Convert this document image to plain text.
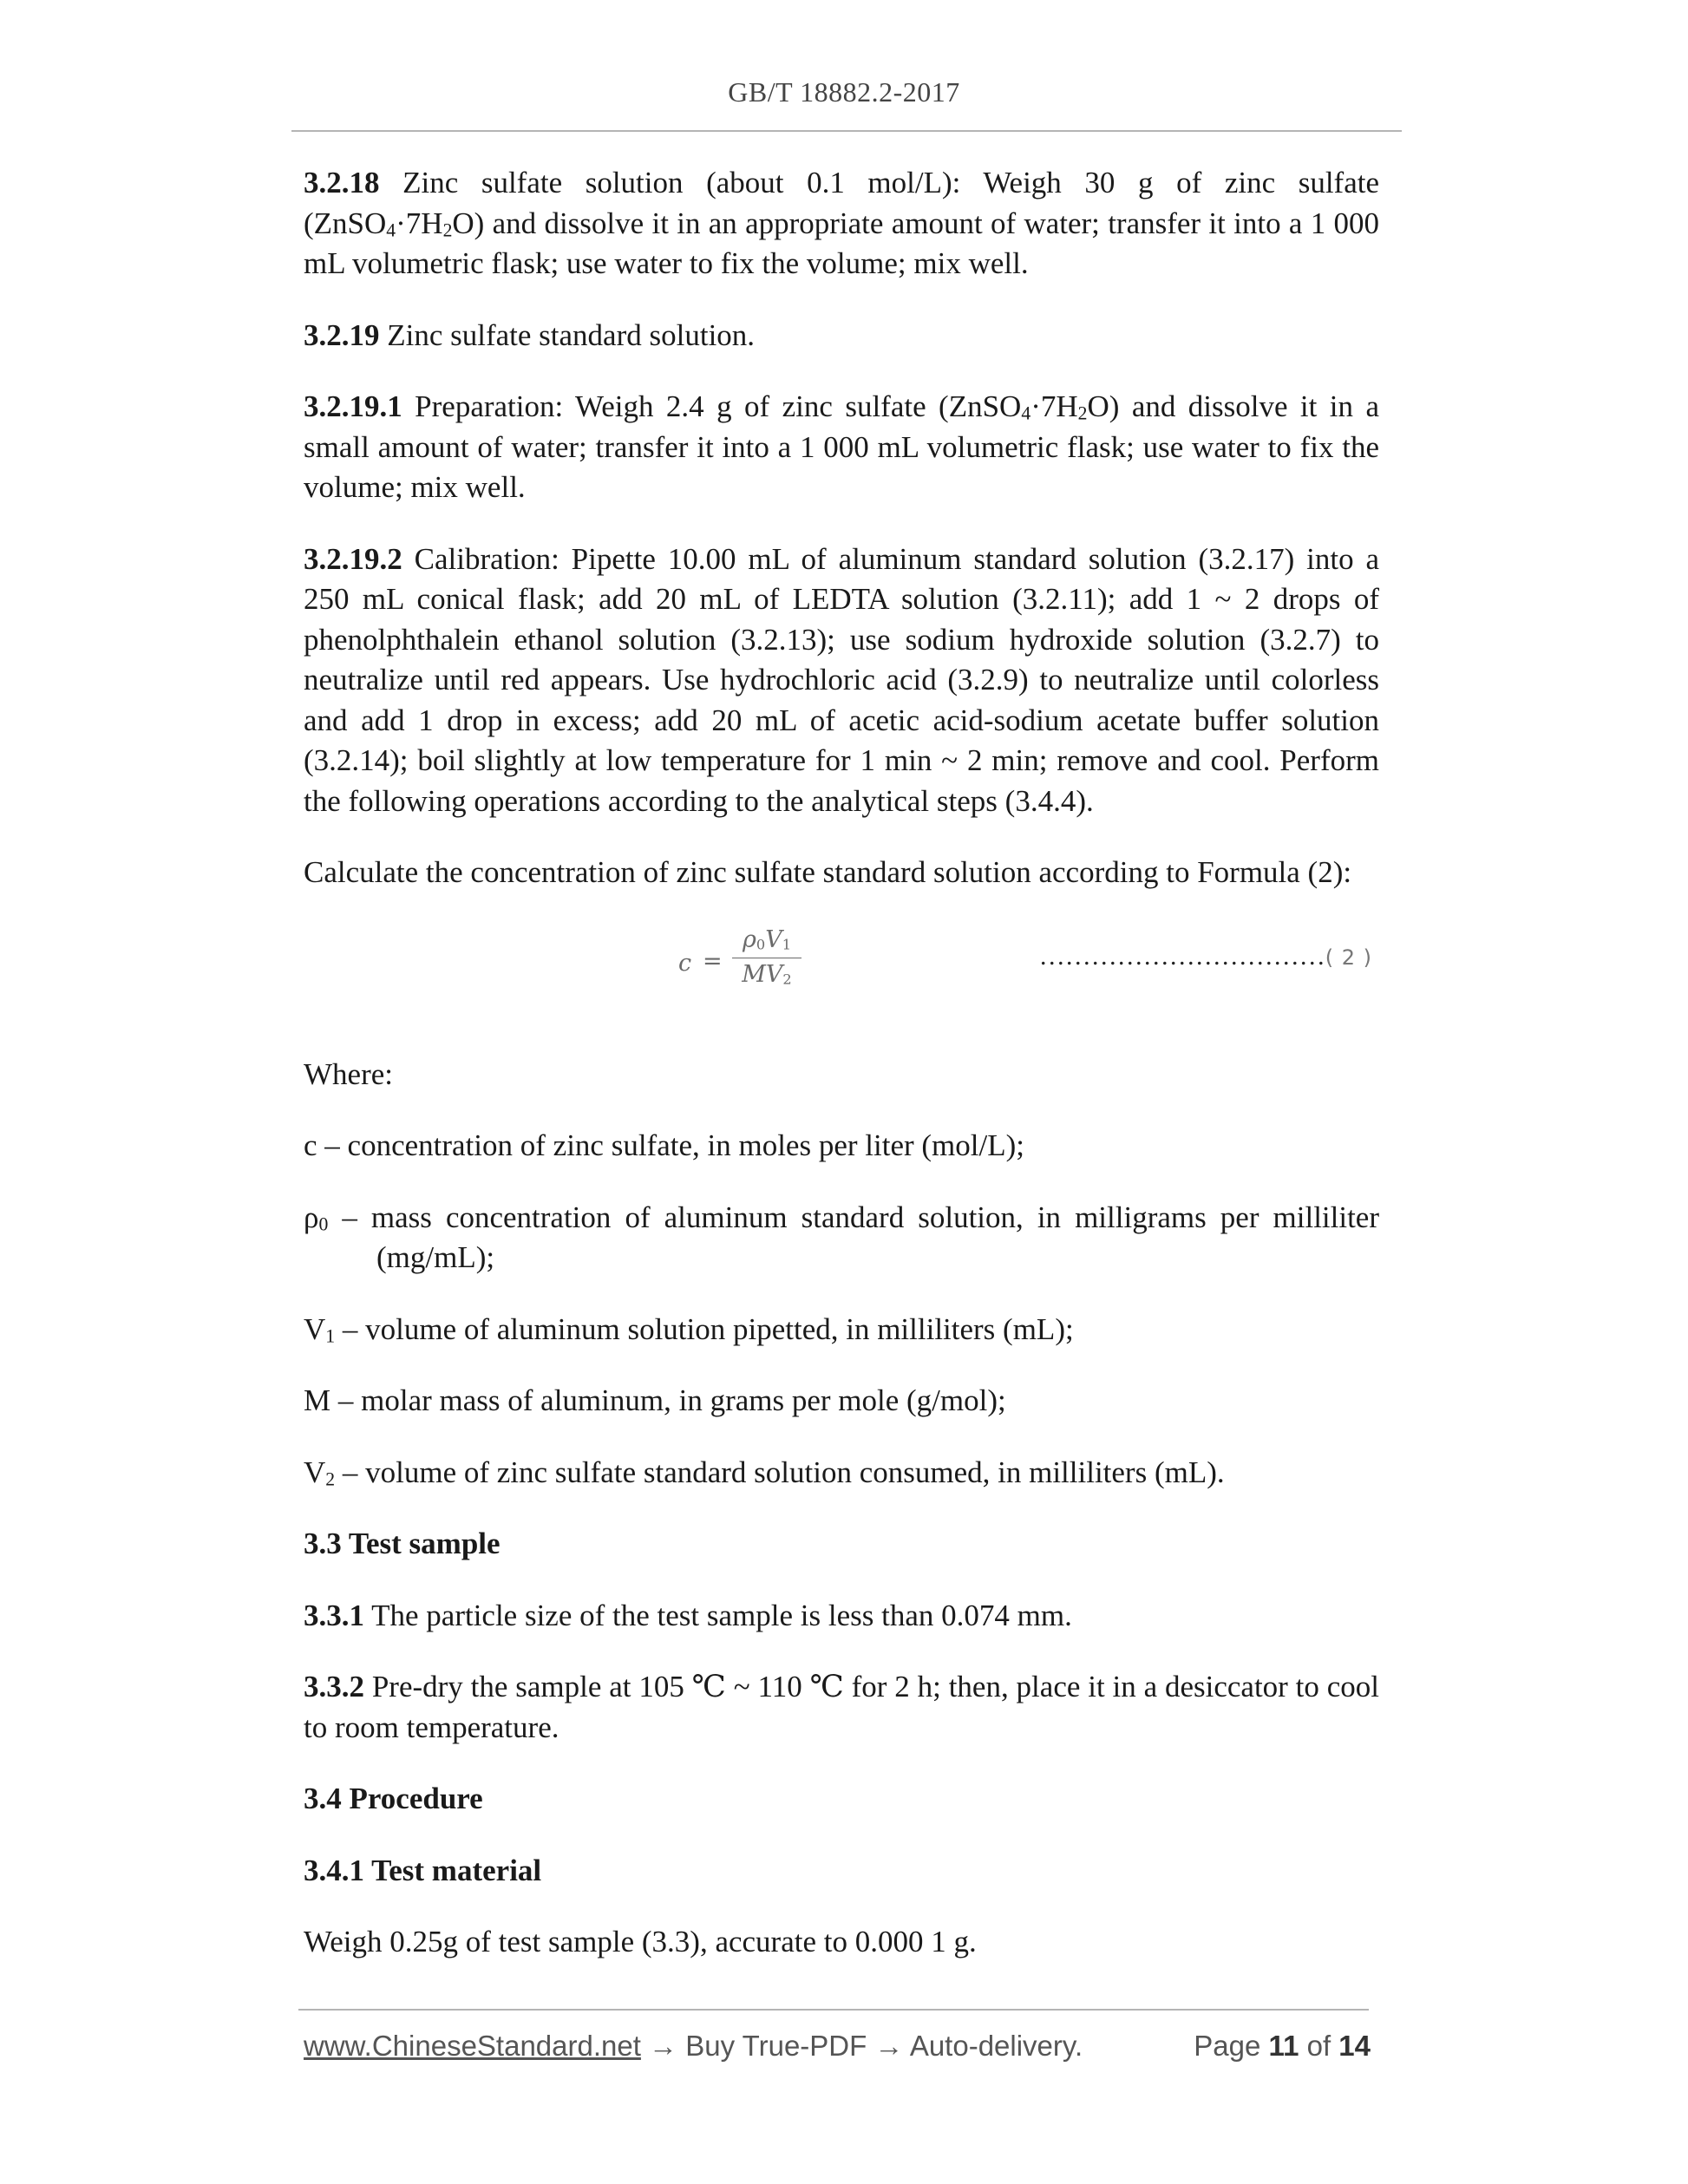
GB/T 18882.2-2017

3.2.18 Zinc sulfate solution (about 0.1 mol/L): Weigh 30 g of zinc sulfate $(ZnSO_4\cdot 7H_2O)$ and dissolve it in an appropriate amount of water; transfer it into a 1 000 mL volumetric flask; use water to fix the volume; mix well.

3.2.19 Zinc sulfate standard solution.

3.2.19.1 Preparation: Weigh 2.4 g of zinc sulfate $(ZnSO_4\cdot 7H_2O)$ and dissolve it in a small amount of water; transfer it into a 1 000 mL volumetric flask; use water to fix the volume; mix well.

3.2.19.2 Calibration: Pipette 10.00 mL of aluminum standard solution (3.2.17) into a 250 mL conical flask; add 20 mL of LEDTA solution (3.2.11); add 1 ~ 2 drops of phenolphthalein ethanol solution (3.2.13); use sodium hydroxide solution (3.2.7) to neutralize until red appears. Use hydrochloric acid (3.2.9) to neutralize until colorless and add 1 drop in excess; add 20 mL of acetic acid-sodium acetate buffer solution (3.2.14); boil slightly at low temperature for 1 min ~ 2 min; remove and cool. Perform the following operations according to the analytical steps (3.4.4).

Calculate the concentration of zinc sulfate standard solution according to Formula (2):

c =
$\rho_0V_1$
$MV_2$
……………………………( 2 )

Where:

c – concentration of zinc sulfate, in moles per liter (mol/L);

$\rho_0$ – mass concentration of aluminum standard solution, in milligrams per milliliter (mg/mL);

$V_1$ – volume of aluminum solution pipetted, in milliliters (mL);

M – molar mass of aluminum, in grams per mole (g/mol);

$V_2$ – volume of zinc sulfate standard solution consumed, in milliliters (mL).

3.3 Test sample

3.3.1 The particle size of the test sample is less than 0.074 mm.

3.3.2 Pre-dry the sample at 105 ℃ ~ 110 ℃ for 2 h; then, place it in a desiccator to cool to room temperature.

3.4 Procedure

3.4.1 Test material

Weigh 0.25g of test sample (3.3), accurate to 0.000 1 g.

www.ChineseStandard.net → Buy True-PDF → Auto-delivery.	Page 11 of 14
